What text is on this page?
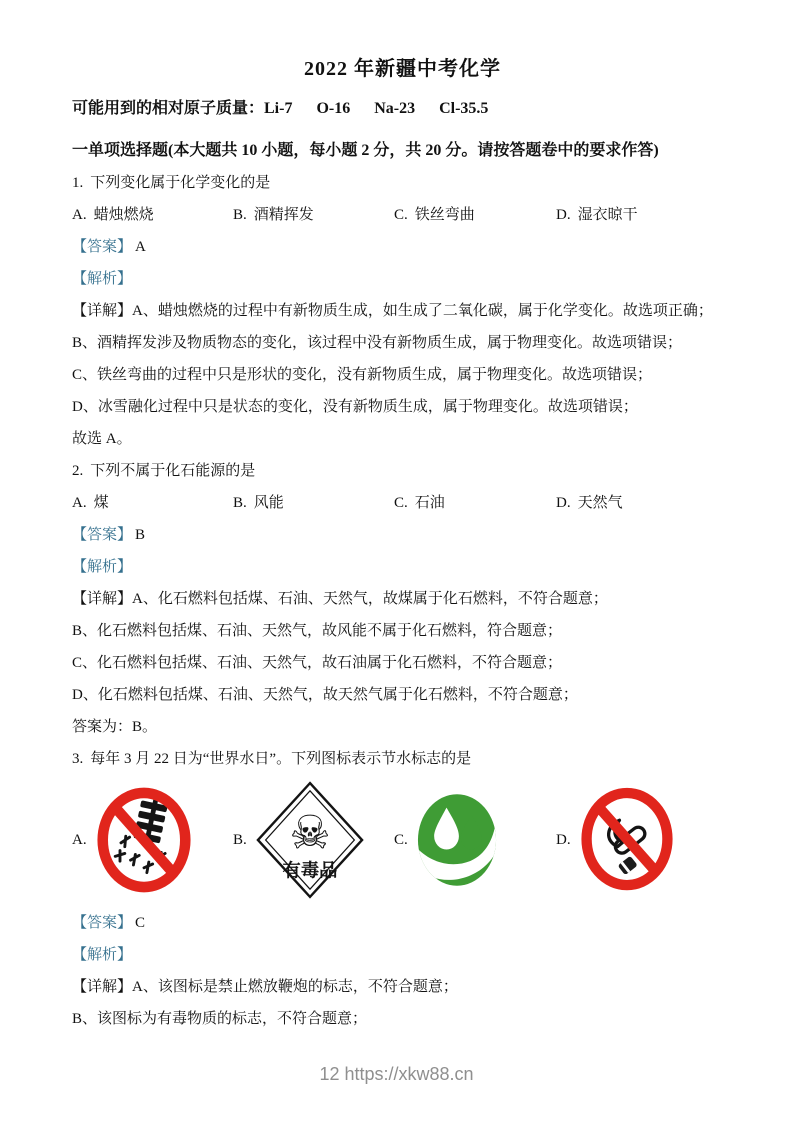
2022 年新疆中考化学

可能用到的相对原子质量：Li-7      O-16      Na-23      Cl-35.5

一单项选择题(本大题共 10 小题，每小题 2 分，共 20 分。请按答题卷中的要求作答)

1. 下列变化属于化学变化的是

A. 蜡烛燃烧	B. 酒精挥发	C. 铁丝弯曲	D. 湿衣晾干

【答案】 A

【解析】

【详解】A、蜡烛燃烧的过程中有新物质生成，如生成了二氧化碳，属于化学变化。故选项正确；

B、酒精挥发涉及物质物态的变化，该过程中没有新物质生成，属于物理变化。故选项错误；

C、铁丝弯曲的过程中只是形状的变化，没有新物质生成，属于物理变化。故选项错误；

D、冰雪融化过程中只是状态的变化，没有新物质生成，属于物理变化。故选项错误；

故选 A。

2. 下列不属于化石能源的是

A. 煤	B. 风能	C. 石油	D. 天然气

【答案】 B

【解析】

【详解】A、化石燃料包括煤、石油、天然气，故煤属于化石燃料，不符合题意；

B、化石燃料包括煤、石油、天然气，故风能不属于化石燃料，符合题意；

C、化石燃料包括煤、石油、天然气，故石油属于化石燃料，不符合题意；

D、化石燃料包括煤、石油、天然气，故天然气属于化石燃料，不符合题意；

答案为：B。

3. 每年 3 月 22 日为“世界水日”。下列图标表示节水标志的是

A.	B. ☠
有毒品
C.	D.

【答案】 C

【解析】

【详解】A、该图标是禁止燃放鞭炮的标志，不符合题意；

B、该图标为有毒物质的标志，不符合题意；

12 https://xkw88.cn
